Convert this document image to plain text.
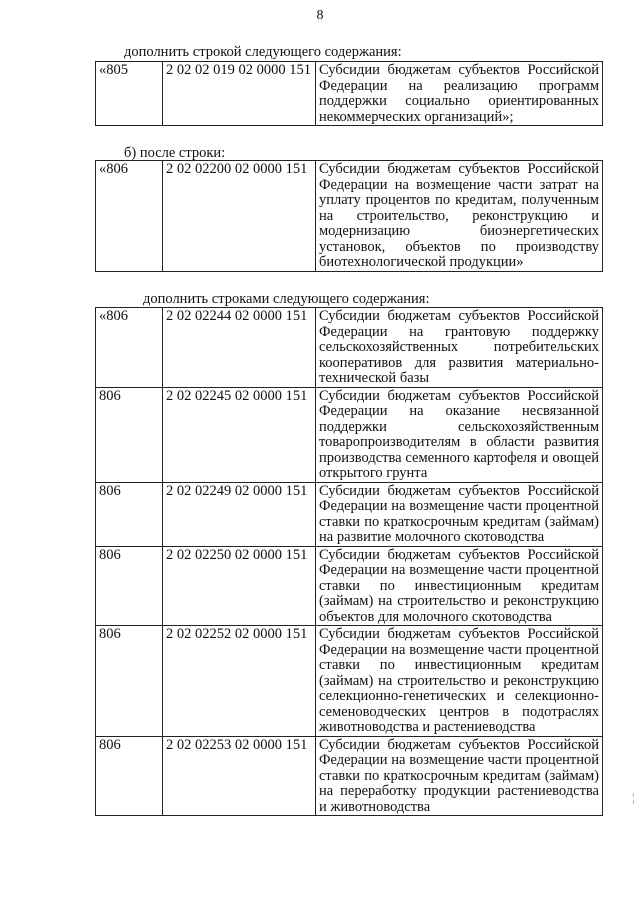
8
дополнить строкой следующего содержания:
«805	2 02 02 019 02 0000 151	Субсидии бюджетам субъектов Российской Федерации на реализацию программ поддержки социально ориентированных некоммерческих организаций»;
б) после строки:
«806	2 02 02200 02 0000 151	Субсидии бюджетам субъектов Российской Федерации на возмещение части затрат на уплату процентов по кредитам, полученным на строительство, реконструкцию и модернизацию биоэнергетических установок, объектов по производству биотехнологической продукции»
дополнить строками следующего содержания:
«806	2 02 02244 02 0000 151	Субсидии бюджетам субъектов Российской Федерации на грантовую поддержку сельскохозяйственных потребительских кооперативов для развития материально-технической базы
806	2 02 02245 02 0000 151	Субсидии бюджетам субъектов Российской Федерации на оказание несвязанной поддержки сельскохозяйственным товаропроизводителям в области развития производства семенного картофеля и овощей открытого грунта
806	2 02 02249 02 0000 151	Субсидии бюджетам субъектов Российской Федерации на возмещение части процентной ставки по краткосрочным кредитам (займам) на развитие молочного скотоводства
806	2 02 02250 02 0000 151	Субсидии бюджетам субъектов Российской Федерации на возмещение части процентной ставки по инвестиционным кредитам (займам) на строительство и реконструкцию объектов для молочного скотоводства
806	2 02 02252 02 0000 151	Субсидии бюджетам субъектов Российской Федерации на возмещение части процентной ставки по инвестиционным кредитам (займам) на строительство и реконструкцию селекционно-генетических и селекционно-семеноводческих центров в подотраслях животноводства и растениеводства
806	2 02 02253 02 0000 151	Субсидии бюджетам субъектов Российской Федерации на возмещение части процентной ставки по краткосрочным кредитам (займам) на переработку продукции растениеводства и животноводства
¦
